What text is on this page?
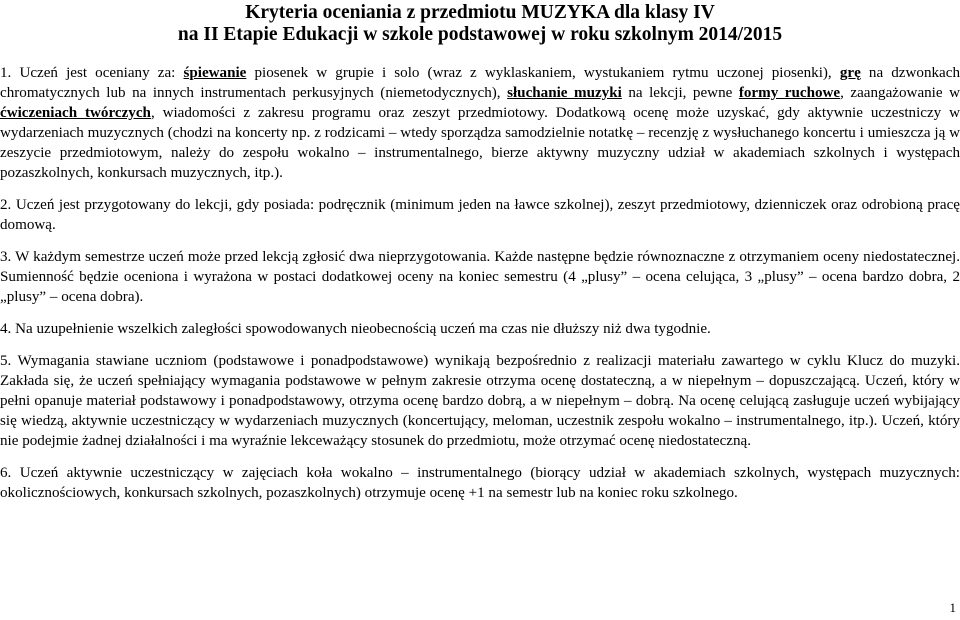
Kryteria oceniania z przedmiotu MUZYKA dla klasy IV

na II Etapie Edukacji w szkole podstawowej w roku szkolnym 2014/2015

1. Uczeń jest oceniany za: śpiewanie piosenek w grupie i solo (wraz z wyklaskaniem, wystukaniem rytmu uczonej piosenki), grę na dzwonkach chromatycznych lub na innych instrumentach perkusyjnych (niemetodycznych), słuchanie muzyki na lekcji, pewne formy ruchowe, zaangażowanie w ćwiczeniach twórczych, wiadomości z zakresu programu oraz zeszyt przedmiotowy. Dodatkową ocenę może uzyskać, gdy aktywnie uczestniczy w wydarzeniach muzycznych (chodzi na koncerty np. z rodzicami – wtedy sporządza samodzielnie notatkę – recenzję z wysłuchanego koncertu i umieszcza ją w zeszycie przedmiotowym, należy do zespołu wokalno – instrumentalnego, bierze aktywny muzyczny udział w akademiach szkolnych i występach pozaszkolnych, konkursach muzycznych, itp.).

2. Uczeń jest przygotowany do lekcji, gdy posiada: podręcznik (minimum jeden na ławce szkolnej), zeszyt przedmiotowy, dzienniczek oraz odrobioną pracę domową.

3. W każdym semestrze uczeń może przed lekcją zgłosić dwa nieprzygotowania. Każde następne będzie równoznaczne z otrzymaniem oceny niedostatecznej. Sumienność będzie oceniona i wyrażona w postaci dodatkowej oceny na koniec semestru (4 „plusy” – ocena celująca, 3 „plusy” – ocena bardzo dobra, 2 „plusy” – ocena dobra).

4. Na uzupełnienie wszelkich zaległości spowodowanych nieobecnością uczeń ma czas nie dłuższy niż dwa tygodnie.

5. Wymagania stawiane uczniom (podstawowe i ponadpodstawowe) wynikają bezpośrednio z realizacji materiału zawartego w cyklu Klucz do muzyki. Zakłada się, że uczeń spełniający wymagania podstawowe w pełnym zakresie otrzyma ocenę dostateczną, a w niepełnym – dopuszczającą. Uczeń, który w pełni opanuje materiał podstawowy i ponadpodstawowy, otrzyma ocenę bardzo dobrą, a w niepełnym – dobrą. Na ocenę celującą zasługuje uczeń wybijający się wiedzą, aktywnie uczestniczący w wydarzeniach muzycznych (koncertujący, meloman, uczestnik zespołu wokalno – instrumentalnego, itp.). Uczeń, który nie podejmie żadnej działalności i ma wyraźnie lekceważący stosunek do przedmiotu, może otrzymać ocenę niedostateczną.

6. Uczeń aktywnie uczestniczący w zajęciach koła wokalno – instrumentalnego (biorący udział w akademiach szkolnych, występach muzycznych: okolicznościowych, konkursach szkolnych, pozaszkolnych) otrzymuje ocenę +1 na semestr lub na koniec roku szkolnego.

1
